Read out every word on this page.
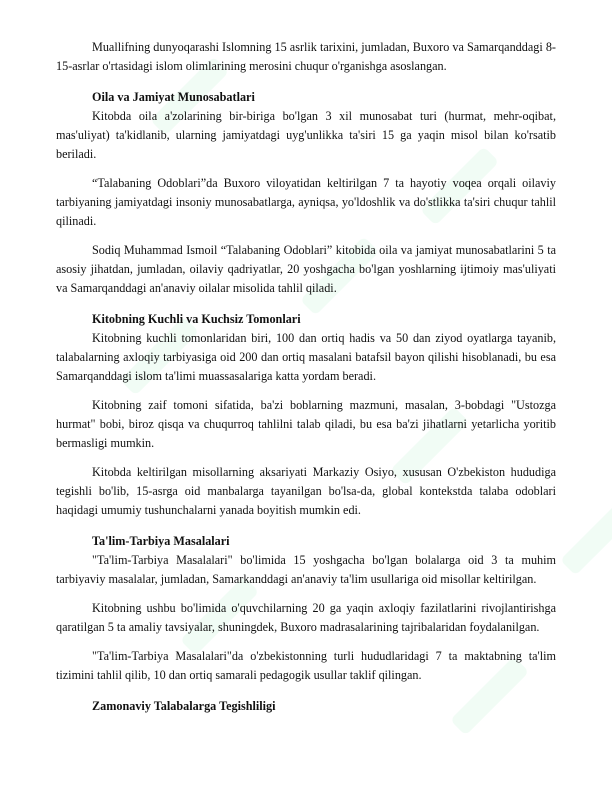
Muallifning dunyoqarashi Islomning 15 asrlik tarixini, jumladan, Buxoro va Samarqanddagi 8-15-asrlar o'rtasidagi islom olimlarining merosini chuqur o'rganishga asoslangan.

Oila va Jamiyat Munosabatlari

Kitobda oila a'zolarining bir-biriga bo'lgan 3 xil munosabat turi (hurmat, mehr-oqibat, mas'uliyat) ta'kidlanib, ularning jamiyatdagi uyg'unlikka ta'siri 15 ga yaqin misol bilan ko'rsatib beriladi.

“Talabaning Odoblari”da Buxoro viloyatidan keltirilgan 7 ta hayotiy voqea orqali oilaviy tarbiyaning jamiyatdagi insoniy munosabatlarga, ayniqsa, yo'ldoshlik va do'stlikka ta'siri chuqur tahlil qilinadi.

Sodiq Muhammad Ismoil “Talabaning Odoblari” kitobida oila va jamiyat munosabatlarini 5 ta asosiy jihatdan, jumladan, oilaviy qadriyatlar, 20 yoshgacha bo'lgan yoshlarning ijtimoiy mas'uliyati va Samarqanddagi an'anaviy oilalar misolida tahlil qiladi.

Kitobning Kuchli va Kuchsiz Tomonlari

Kitobning kuchli tomonlaridan biri, 100 dan ortiq hadis va 50 dan ziyod oyatlarga tayanib, talabalarning axloqiy tarbiyasiga oid 200 dan ortiq masalani batafsil bayon qilishi hisoblanadi, bu esa Samarqanddagi islom ta'limi muassasalariga katta yordam beradi.

Kitobning zaif tomoni sifatida, ba'zi boblarning mazmuni, masalan, 3-bobdagi "Ustozga hurmat" bobi, biroz qisqa va chuqurroq tahlilni talab qiladi, bu esa ba'zi jihatlarni yetarlicha yoritib bermasligi mumkin.

Kitobda keltirilgan misollarning aksariyati Markaziy Osiyo, xususan O'zbekiston hududiga tegishli bo'lib, 15-asrga oid manbalarga tayanilgan bo'lsa-da, global kontekstda talaba odoblari haqidagi umumiy tushunchalarni yanada boyitish mumkin edi.

Ta'lim-Tarbiya Masalalari

"Ta'lim-Tarbiya Masalalari" bo'limida 15 yoshgacha bo'lgan bolalarga oid 3 ta muhim tarbiyaviy masalalar, jumladan, Samarkanddagi an'anaviy ta'lim usullariga oid misollar keltirilgan.

Kitobning ushbu bo'limida o'quvchilarning 20 ga yaqin axloqiy fazilatlarini rivojlantirishga qaratilgan 5 ta amaliy tavsiyalar, shuningdek, Buxoro madrasalarining tajribalaridan foydalanilgan.

"Ta'lim-Tarbiya Masalalari"da o'zbekistonning turli hududlaridagi 7 ta maktabning ta'lim tizimini tahlil qilib, 10 dan ortiq samarali pedagogik usullar taklif qilingan.

Zamonaviy Talabalarga Tegishliligi
